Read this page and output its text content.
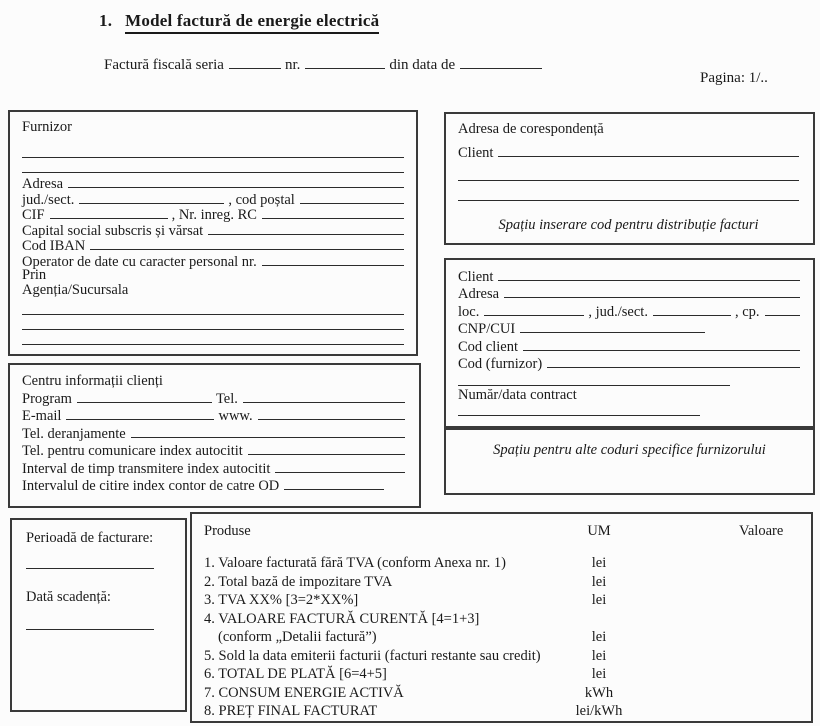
1. Model factură de energie electrică
Factură fiscală seria	nr.	din data de
Pagina: 1/..
Furnizor
Adresa
jud./sect.	, cod poștal
CIF	, Nr. inreg. RC
Capital social subscris și vărsat
Cod IBAN
Operator de date cu caracter personal nr.
Prin
Agenția/Sucursala
Centru informații clienți
Program	Tel.
E-mail	www.
Tel. deranjamente
Tel. pentru comunicare index autocitit
Interval de timp transmitere index autocitit
Intervalul de citire index contor de catre OD
Adresa de corespondență
Client
Spațiu inserare cod pentru distribuție facturi
Client
Adresa
loc.	, jud./sect.	, cp.
CNP/CUI
Cod client
Cod (furnizor)
Număr/data contract
Spațiu pentru alte coduri specifice furnizorului
Perioadă de facturare:
Dată scadență:
Produse	UM	Valoare
1. Valoare facturată fără TVA (conform Anexa nr. 1)	lei
2. Total bază de impozitare TVA	lei
3. TVA XX% [3=2*XX%]	lei
4. VALOARE FACTURĂ CURENTĂ [4=1+3]
(conform „Detalii factură”)	lei
5. Sold la data emiterii facturii (facturi restante sau credit)	lei
6. TOTAL DE PLATĂ [6=4+5]	lei
7. CONSUM ENERGIE ACTIVĂ	kWh
8. PREȚ FINAL FACTURAT	lei/kWh
